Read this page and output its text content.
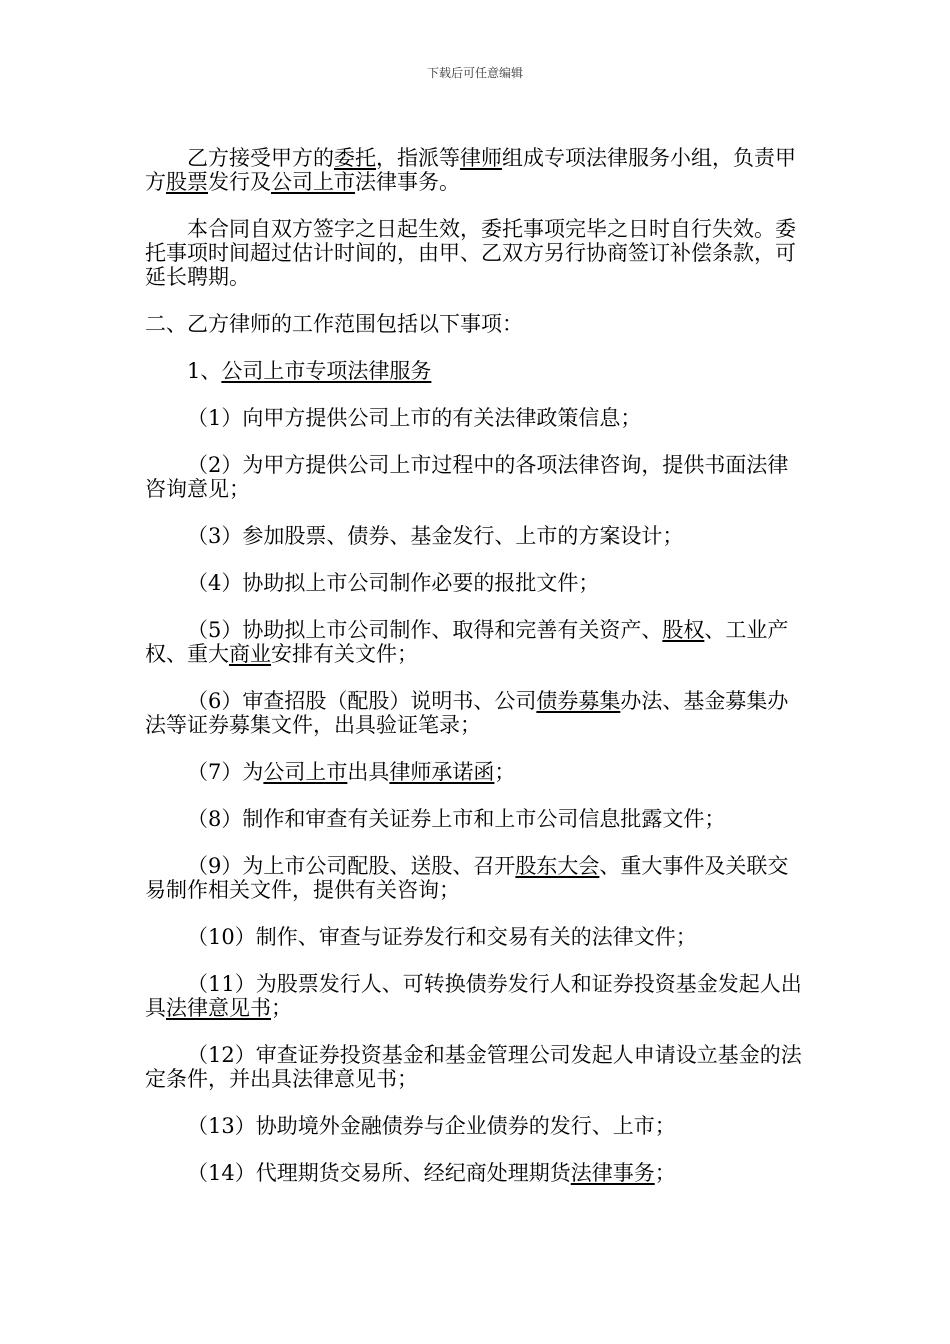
下载后可任意编辑

乙方接受甲方的委托，指派等律师组成专项法律服务小组，负责甲方股票发行及公司上市法律事务。

本合同自双方签字之日起生效，委托事项完毕之日时自行失效。委托事项时间超过估计时间的，由甲、乙双方另行协商签订补偿条款，可延长聘期。

二、乙方律师的工作范围包括以下事项：

1、公司上市专项法律服务

（1）向甲方提供公司上市的有关法律政策信息；

（2）为甲方提供公司上市过程中的各项法律咨询，提供书面法律咨询意见；

（3）参加股票、债券、基金发行、上市的方案设计；

（4）协助拟上市公司制作必要的报批文件；

（5）协助拟上市公司制作、取得和完善有关资产、股权、工业产权、重大商业安排有关文件；

（6）审查招股（配股）说明书、公司债券募集办法、基金募集办法等证券募集文件，出具验证笔录；

（7）为公司上市出具律师承诺函；

（8）制作和审查有关证券上市和上市公司信息批露文件；

（9）为上市公司配股、送股、召开股东大会、重大事件及关联交易制作相关文件，提供有关咨询；

（10）制作、审查与证券发行和交易有关的法律文件；

（11）为股票发行人、可转换债券发行人和证券投资基金发起人出具法律意见书；

（12）审查证券投资基金和基金管理公司发起人申请设立基金的法定条件，并出具法律意见书；

（13）协助境外金融债券与企业债券的发行、上市；

（14）代理期货交易所、经纪商处理期货法律事务；
